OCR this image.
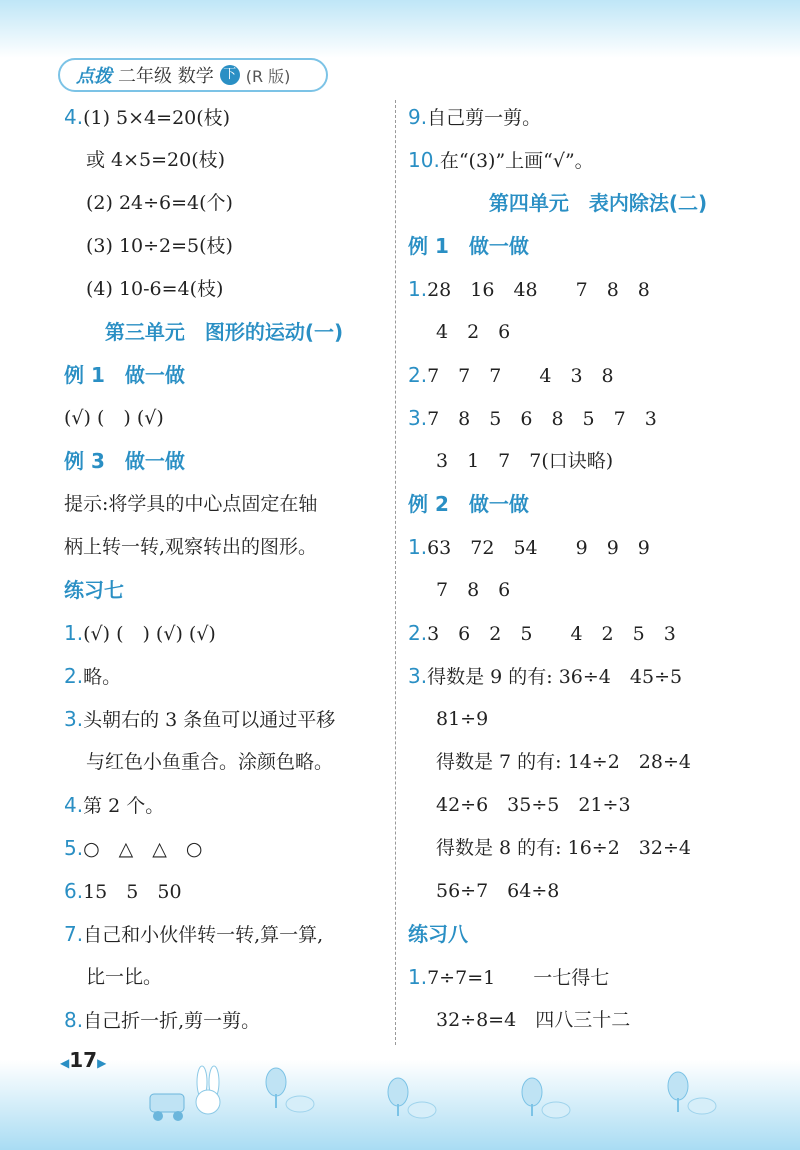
点拨 二年级 数学 下 (R 版)
4.(1) 5×4=20(枝)
或 4×5=20(枝)
(2) 24÷6=4(个)
(3) 10÷2=5(枝)
(4) 10-6=4(枝)
第三单元　图形的运动(一)
例 1　做一做
(√) (　) (√)
例 3　做一做
提示:将学具的中心点固定在轴
柄上转一转,观察转出的图形。
练习七
1.(√) (　) (√) (√)
2.略。
3.头朝右的 3 条鱼可以通过平移
与红色小鱼重合。涂颜色略。
4.第 2 个。
5.○　△　△　○
6.15　5　50
7.自己和小伙伴转一转,算一算,
比一比。
8.自己折一折,剪一剪。
9.自己剪一剪。
10.在“(3)”上画“√”。
第四单元　表内除法(二)
例 1　做一做
1.28　16　48　　7　8　8
4　2　6
2.7　7　7　　4　3　8
3.7　8　5　6　8　5　7　3
3　1　7　7(口诀略)
例 2　做一做
1.63　72　54　　9　9　9
7　8　6
2.3　6　2　5　　4　2　5　3
3.得数是 9 的有: 36÷4　45÷5
81÷9
得数是 7 的有: 14÷2　28÷4
42÷6　35÷5　21÷3
得数是 8 的有: 16÷2　32÷4
56÷7　64÷8
练习八
1.7÷7=1　　一七得七
32÷8=4　四八三十二
◀17▶
